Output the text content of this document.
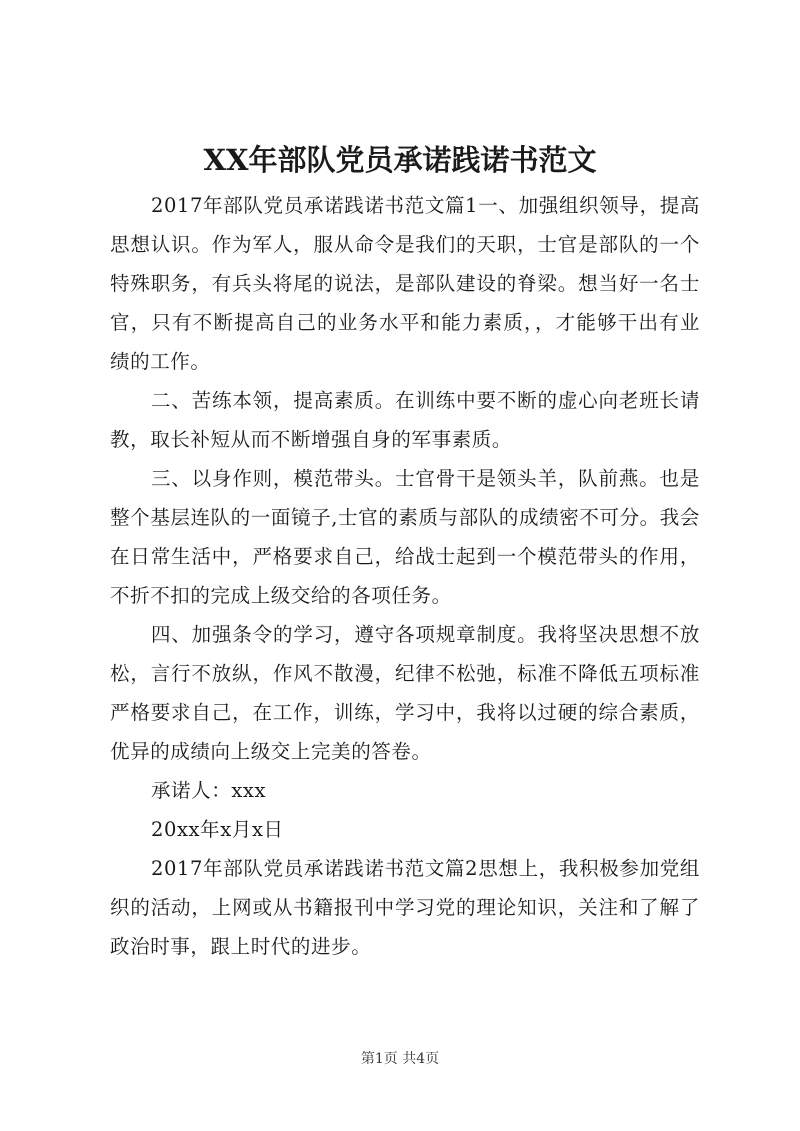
XX年部队党员承诺践诺书范文

2017年部队党员承诺践诺书范文篇1一、加强组织领导，提高思想认识。作为军人，服从命令是我们的天职，士官是部队的一个特殊职务，有兵头将尾的说法，是部队建设的脊梁。想当好一名士官，只有不断提高自己的业务水平和能力素质，，才能够干出有业绩的工作。

二、苦练本领，提高素质。在训练中要不断的虚心向老班长请教，取长补短从而不断增强自身的军事素质。

三、以身作则，模范带头。士官骨干是领头羊，队前燕。也是整个基层连队的一面镜子,士官的素质与部队的成绩密不可分。我会在日常生活中，严格要求自己，给战士起到一个模范带头的作用，不折不扣的完成上级交给的各项任务。

四、加强条令的学习，遵守各项规章制度。我将坚决思想不放松，言行不放纵，作风不散漫，纪律不松弛，标准不降低五项标准严格要求自己，在工作，训练，学习中，我将以过硬的综合素质，优异的成绩向上级交上完美的答卷。

承诺人：xxx

20xx年x月x日

2017年部队党员承诺践诺书范文篇2思想上，我积极参加党组织的活动，上网或从书籍报刊中学习党的理论知识，关注和了解了政治时事，跟上时代的进步。

第1页 共4页
